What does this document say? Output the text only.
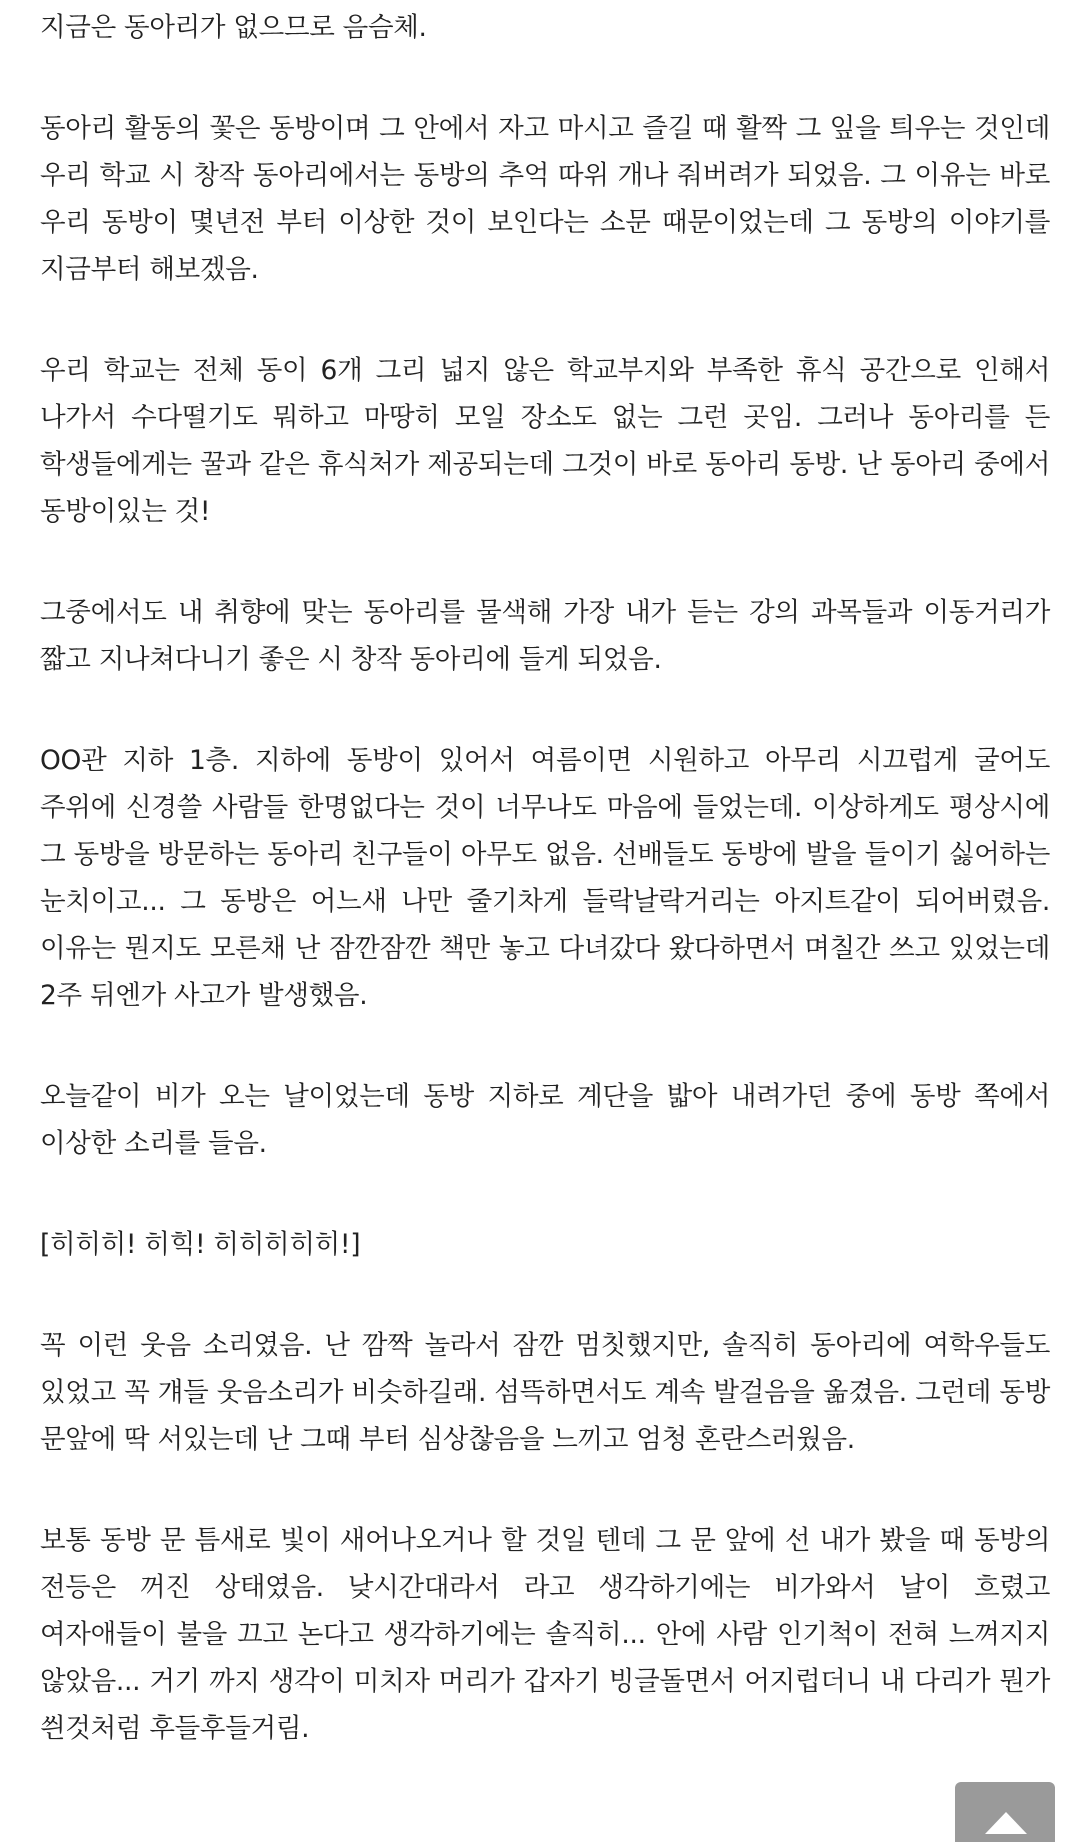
지금은 동아리가 없으므로 음슴체.

동아리 활동의 꽃은 동방이며 그 안에서 자고 마시고 즐길 때 활짝 그 잎을 틔우는 것인데 우리 학교 시 창작 동아리에서는 동방의 추억 따위 개나 줘버려가 되었음. 그 이유는 바로 우리 동방이 몇년전 부터 이상한 것이 보인다는 소문 때문이었는데 그 동방의 이야기를 지금부터 해보겠음.

우리 학교는 전체 동이 6개 그리 넓지 않은 학교부지와 부족한 휴식 공간으로 인해서 나가서 수다떨기도 뭐하고 마땅히 모일 장소도 없는 그런 곳임. 그러나 동아리를 든 학생들에게는 꿀과 같은 휴식처가 제공되는데 그것이 바로 동아리 동방. 난 동아리 중에서 동방이있는 것!

그중에서도 내 취향에 맞는 동아리를 물색해 가장 내가 듣는 강의 과목들과 이동거리가 짧고 지나쳐다니기 좋은 시 창작 동아리에 들게 되었음.

OO관 지하 1층. 지하에 동방이 있어서 여름이면 시원하고 아무리 시끄럽게 굴어도 주위에 신경쓸 사람들 한명없다는 것이 너무나도 마음에 들었는데. 이상하게도 평상시에 그 동방을 방문하는 동아리 친구들이 아무도 없음. 선배들도 동방에 발을 들이기 싫어하는 눈치이고... 그 동방은 어느새 나만 줄기차게 들락날락거리는 아지트같이 되어버렸음. 이유는 뭔지도 모른채 난 잠깐잠깐 책만 놓고 다녀갔다 왔다하면서 며칠간 쓰고 있었는데 2주 뒤엔가 사고가 발생했음.

오늘같이 비가 오는 날이었는데 동방 지하로 계단을 밟아 내려가던 중에 동방 쪽에서 이상한 소리를 들음.

[히히히! 히힉! 히히히히히!]

꼭 이런 웃음 소리였음. 난 깜짝 놀라서 잠깐 멈칫했지만, 솔직히 동아리에 여학우들도 있었고 꼭 걔들 웃음소리가 비슷하길래. 섬뜩하면서도 계속 발걸음을 옮겼음. 그런데 동방 문앞에 딱 서있는데 난 그때 부터 심상찮음을 느끼고 엄청 혼란스러웠음.

보통 동방 문 틈새로 빛이 새어나오거나 할 것일 텐데 그 문 앞에 선 내가 봤을 때 동방의 전등은 꺼진 상태였음. 낮시간대라서 라고 생각하기에는 비가와서 날이 흐렸고 여자애들이 불을 끄고 논다고 생각하기에는 솔직히... 안에 사람 인기척이 전혀 느껴지지 않았음... 거기 까지 생각이 미치자 머리가 갑자기 빙글돌면서 어지럽더니 내 다리가 뭔가 씐것처럼 후들후들거림.
